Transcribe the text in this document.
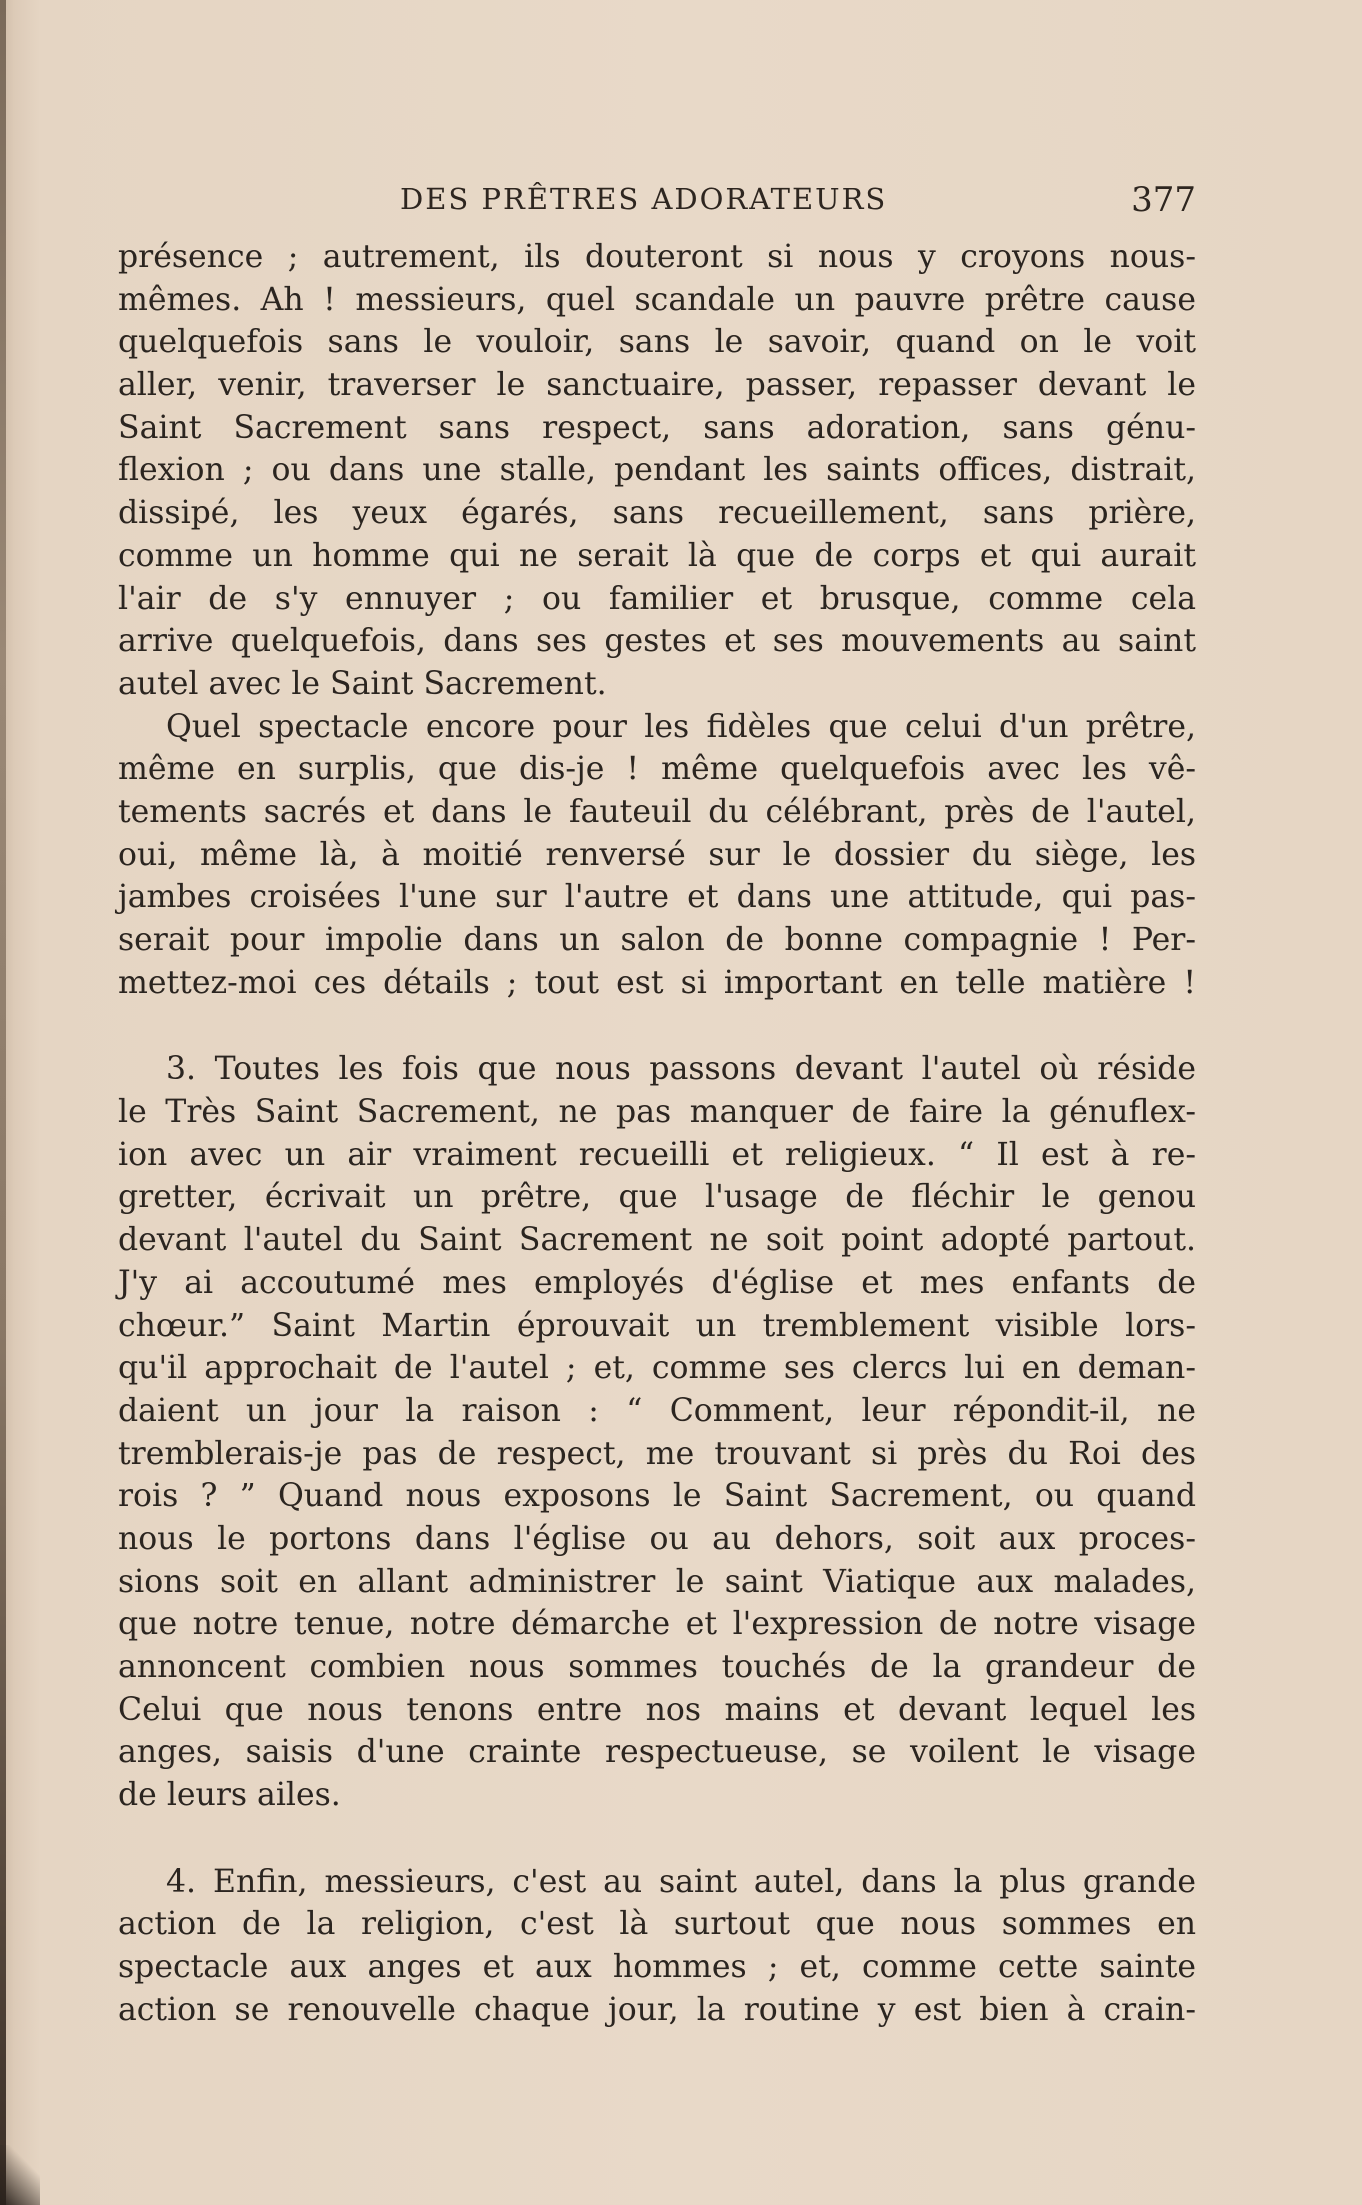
DES PRÊTRES ADORATEURS	377
présence ; autrement, ils douteront si nous y croyons nous-
mêmes. Ah ! messieurs, quel scandale un pauvre prêtre cause
quelquefois sans le vouloir, sans le savoir, quand on le voit
aller, venir, traverser le sanctuaire, passer, repasser devant le
Saint Sacrement sans respect, sans adoration, sans génu-
flexion ; ou dans une stalle, pendant les saints offices, distrait,
dissipé, les yeux égarés, sans recueillement, sans prière,
comme un homme qui ne serait là que de corps et qui aurait
l'air de s'y ennuyer ; ou familier et brusque, comme cela
arrive quelquefois, dans ses gestes et ses mouvements au saint
autel avec le Saint Sacrement.
Quel spectacle encore pour les fidèles que celui d'un prêtre,
même en surplis, que dis-je ! même quelquefois avec les vê-
tements sacrés et dans le fauteuil du célébrant, près de l'autel,
oui, même là, à moitié renversé sur le dossier du siège, les
jambes croisées l'une sur l'autre et dans une attitude, qui pas-
serait pour impolie dans un salon de bonne compagnie ! Per-
mettez-moi ces détails ; tout est si important en telle matière !
3. Toutes les fois que nous passons devant l'autel où réside
le Très Saint Sacrement, ne pas manquer de faire la génuflex-
ion avec un air vraiment recueilli et religieux. “ Il est à re-
gretter, écrivait un prêtre, que l'usage de fléchir le genou
devant l'autel du Saint Sacrement ne soit point adopté partout.
J'y ai accoutumé mes employés d'église et mes enfants de
chœur.” Saint Martin éprouvait un tremblement visible lors-
qu'il approchait de l'autel ; et, comme ses clercs lui en deman-
daient un jour la raison : “ Comment, leur répondit-il, ne
tremblerais-je pas de respect, me trouvant si près du Roi des
rois ? ” Quand nous exposons le Saint Sacrement, ou quand
nous le portons dans l'église ou au dehors, soit aux proces-
sions soit en allant administrer le saint Viatique aux malades,
que notre tenue, notre démarche et l'expression de notre visage
annoncent combien nous sommes touchés de la grandeur de
Celui que nous tenons entre nos mains et devant lequel les
anges, saisis d'une crainte respectueuse, se voilent le visage
de leurs ailes.
4. Enfin, messieurs, c'est au saint autel, dans la plus grande
action de la religion, c'est là surtout que nous sommes en
spectacle aux anges et aux hommes ; et, comme cette sainte
action se renouvelle chaque jour, la routine y est bien à crain-
